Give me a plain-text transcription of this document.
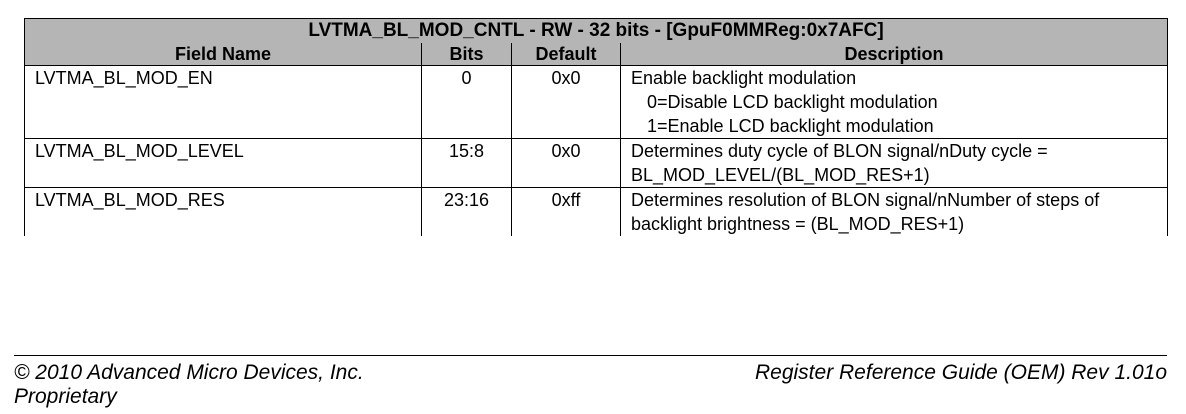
LVTMA_BL_MOD_CNTL - RW - 32 bits - [GpuF0MMReg:0x7AFC]			
Field Name	Bits	Default	Description
LVTMA_BL_MOD_EN	0	0x0	Enable backlight modulation
0=Disable LCD backlight modulation
1=Enable LCD backlight modulation

LVTMA_BL_MOD_LEVEL	15:8	0x0	Determines duty cycle of BLON signal/nDuty cycle =
BL_MOD_LEVEL/(BL_MOD_RES+1)

LVTMA_BL_MOD_RES	23:16	0xff	Determines resolution of BLON signal/nNumber of steps of
backlight brightness = (BL_MOD_RES+1)
© 2010 Advanced Micro Devices, Inc.
Proprietary
Register Reference Guide (OEM) Rev 1.01o
